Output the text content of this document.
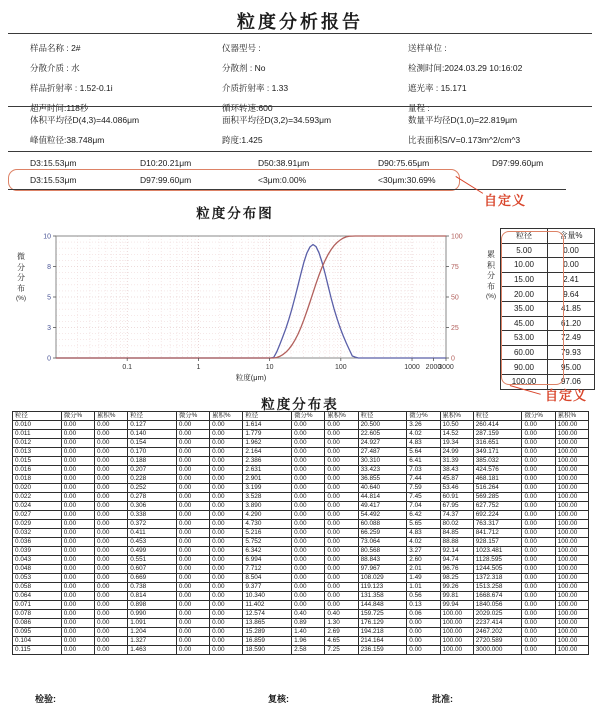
粒度分析报告
样品名称 : 2#	仪器型号 :	送样单位 :
分散介质 : 水	分散剂 : No	检测时间:2024.03.29 10:16:02
样品折射率 : 1.52-0.1i	介质折射率 : 1.33	遮光率 : 15.171
超声时间:118秒	循环转速:600	量程 :
体积平均径D(4,3)=44.086μm	面积平均径D(3,2)=34.593μm	数量平均径D(1,0)=22.819μm
峰值粒径:38.748μm	跨度:1.425	比表面积S/V=0.173m^2/cm^3
D3:15.53μm	D10:20.21μm	D50:38.91μm	D90:75.65μm	D97:99.60μm
D3:15.53μm	D97:99.60μm	<3μm:0.00%	<30μm:30.69%
自定义
粒度分布图
微
分
分
布
(%)
0
3
5
8
10
0
25
50
75
100
0.1	1	10	100	1000 2000
3000
粒度(μm)
累
积
分
布
(%)
粒径	含量%
5.00	0.00
10.00	0.00
15.00	2.41
20.00	9.64
35.00	41.85
45.00	61.20
53.00	72.49
60.00	79.93
90.00	95.00
100.00	97.06
自定义
粒度分布表
粒径	微分%	累积%	粒径	微分%	累积%	粒径	微分%	累积%	粒径	微分%	累积%	粒径	微分%	累积%
0.010	0.00	0.00	0.127	0.00	0.00	1.614	0.00	0.00	20.500	3.26	10.50	260.414	0.00	100.00
0.011	0.00	0.00	0.140	0.00	0.00	1.779	0.00	0.00	22.605	4.02	14.52	287.159	0.00	100.00
0.012	0.00	0.00	0.154	0.00	0.00	1.962	0.00	0.00	24.927	4.83	19.34	316.651	0.00	100.00
0.013	0.00	0.00	0.170	0.00	0.00	2.164	0.00	0.00	27.487	5.64	24.99	349.171	0.00	100.00
0.015	0.00	0.00	0.188	0.00	0.00	2.386	0.00	0.00	30.310	6.41	31.39	385.032	0.00	100.00
0.016	0.00	0.00	0.207	0.00	0.00	2.631	0.00	0.00	33.423	7.03	38.43	424.576	0.00	100.00
0.018	0.00	0.00	0.228	0.00	0.00	2.901	0.00	0.00	36.855	7.44	45.87	468.181	0.00	100.00
0.020	0.00	0.00	0.252	0.00	0.00	3.199	0.00	0.00	40.640	7.59	53.46	516.264	0.00	100.00
0.022	0.00	0.00	0.278	0.00	0.00	3.528	0.00	0.00	44.814	7.45	60.91	569.285	0.00	100.00
0.024	0.00	0.00	0.306	0.00	0.00	3.890	0.00	0.00	49.417	7.04	67.95	627.752	0.00	100.00
0.027	0.00	0.00	0.338	0.00	0.00	4.290	0.00	0.00	54.492	6.42	74.37	692.224	0.00	100.00
0.029	0.00	0.00	0.372	0.00	0.00	4.730	0.00	0.00	60.088	5.65	80.02	763.317	0.00	100.00
0.032	0.00	0.00	0.411	0.00	0.00	5.216	0.00	0.00	66.259	4.83	84.85	841.712	0.00	100.00
0.036	0.00	0.00	0.453	0.00	0.00	5.752	0.00	0.00	73.064	4.02	88.88	928.157	0.00	100.00
0.039	0.00	0.00	0.499	0.00	0.00	6.342	0.00	0.00	80.568	3.27	92.14	1023.481	0.00	100.00
0.043	0.00	0.00	0.551	0.00	0.00	6.994	0.00	0.00	88.843	2.60	94.74	1128.595	0.00	100.00
0.048	0.00	0.00	0.607	0.00	0.00	7.712	0.00	0.00	97.967	2.01	96.76	1244.505	0.00	100.00
0.053	0.00	0.00	0.669	0.00	0.00	8.504	0.00	0.00	108.029	1.49	98.25	1372.318	0.00	100.00
0.058	0.00	0.00	0.738	0.00	0.00	9.377	0.00	0.00	119.123	1.01	99.26	1513.258	0.00	100.00
0.064	0.00	0.00	0.814	0.00	0.00	10.340	0.00	0.00	131.358	0.56	99.81	1668.674	0.00	100.00
0.071	0.00	0.00	0.898	0.00	0.00	11.402	0.00	0.00	144.848	0.13	99.94	1840.056	0.00	100.00
0.078	0.00	0.00	0.990	0.00	0.00	12.574	0.40	0.40	159.725	0.06	100.00	2029.025	0.00	100.00
0.086	0.00	0.00	1.091	0.00	0.00	13.865	0.89	1.30	176.129	0.00	100.00	2237.414	0.00	100.00
0.095	0.00	0.00	1.204	0.00	0.00	15.289	1.40	2.69	194.218	0.00	100.00	2467.202	0.00	100.00
0.104	0.00	0.00	1.327	0.00	0.00	16.859	1.96	4.65	214.164	0.00	100.00	2720.589	0.00	100.00
0.115	0.00	0.00	1.463	0.00	0.00	18.590	2.58	7.25	236.159	0.00	100.00	3000.000	0.00	100.00
检验:	复核:	批准:
